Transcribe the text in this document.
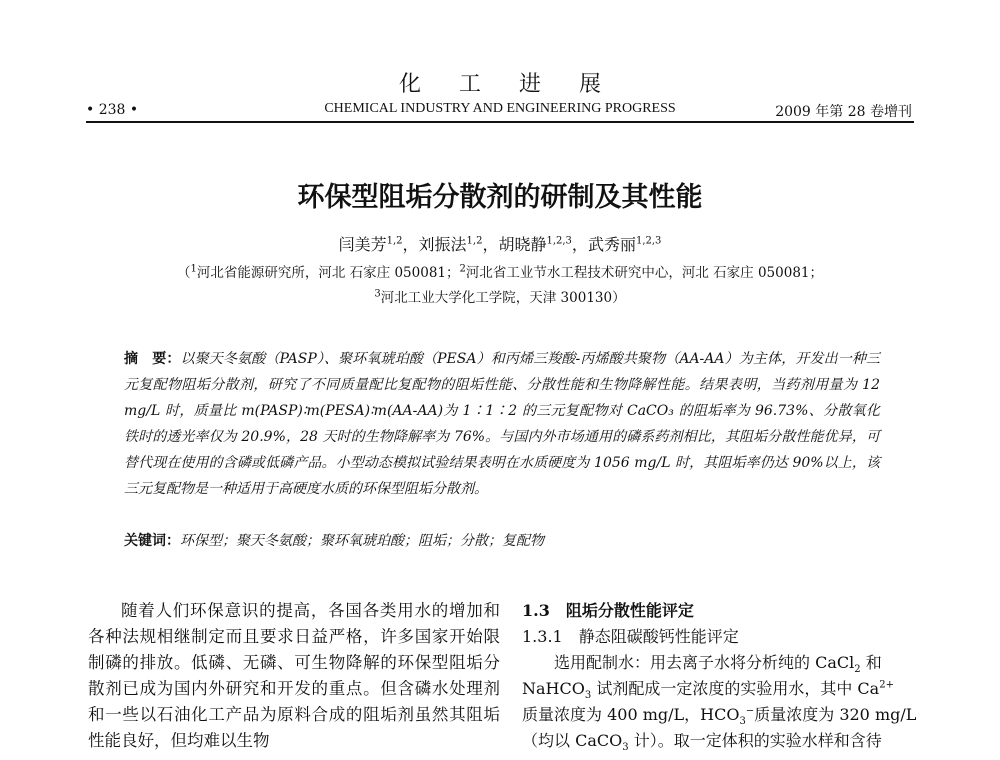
化工进展
• 238 •	CHEMICAL INDUSTRY AND ENGINEERING PROGRESS	2009 年第 28 卷增刊
环保型阻垢分散剂的研制及其性能
闫美芳$^{1,2}$，刘振法$^{1,2}$，胡晓静$^{1,2,3}$，武秀丽$^{1,2,3}$
（$^1$河北省能源研究所，河北 石家庄 050081；$^2$河北省工业节水工程技术研究中心，河北 石家庄 050081；
$^3$河北工业大学化工学院，天津 300130）
摘　要：以聚天冬氨酸（PASP）、聚环氧琥珀酸（PESA）和丙烯三羧酸-丙烯酸共聚物（AA-AA）为主体，开发出一种三元复配物阻垢分散剂，研究了不同质量配比复配物的阻垢性能、分散性能和生物降解性能。结果表明，当药剂用量为 12 mg/L 时，质量比 m(PASP)∶m(PESA)∶m(AA-AA)为 1∶1∶2 的三元复配物对 CaCO₃ 的阻垢率为 96.73%、分散氧化铁时的透光率仅为 20.9%，28 天时的生物降解率为 76%。与国内外市场通用的磷系药剂相比，其阻垢分散性能优异，可替代现在使用的含磷或低磷产品。小型动态模拟试验结果表明在水质硬度为 1056 mg/L 时，其阻垢率仍达 90%以上，该三元复配物是一种适用于高硬度水质的环保型阻垢分散剂。
关键词：环保型；聚天冬氨酸；聚环氧琥珀酸；阻垢；分散；复配物

随着人们环保意识的提高，各国各类用水的增加和各种法规相继制定而且要求日益严格，许多国家开始限制磷的排放。低磷、无磷、可生物降解的环保型阻垢分散剂已成为国内外研究和开发的重点。但含磷水处理剂和一些以石油化工产品为原料合成的阻垢剂虽然其阻垢性能良好，但均难以生物

1.3　阻垢分散性能评定
1.3.1　静态阻碳酸钙性能评定
选用配制水：用去离子水将分析纯的 CaCl$_2$ 和
NaHCO$_3$ 试剂配成一定浓度的实验用水，其中 $Ca^{2+}$
质量浓度为 400 mg/L，$HCO_3^-$质量浓度为 320 mg/L
（均以 CaCO$_3$ 计）。取一定体积的实验水样和含待
